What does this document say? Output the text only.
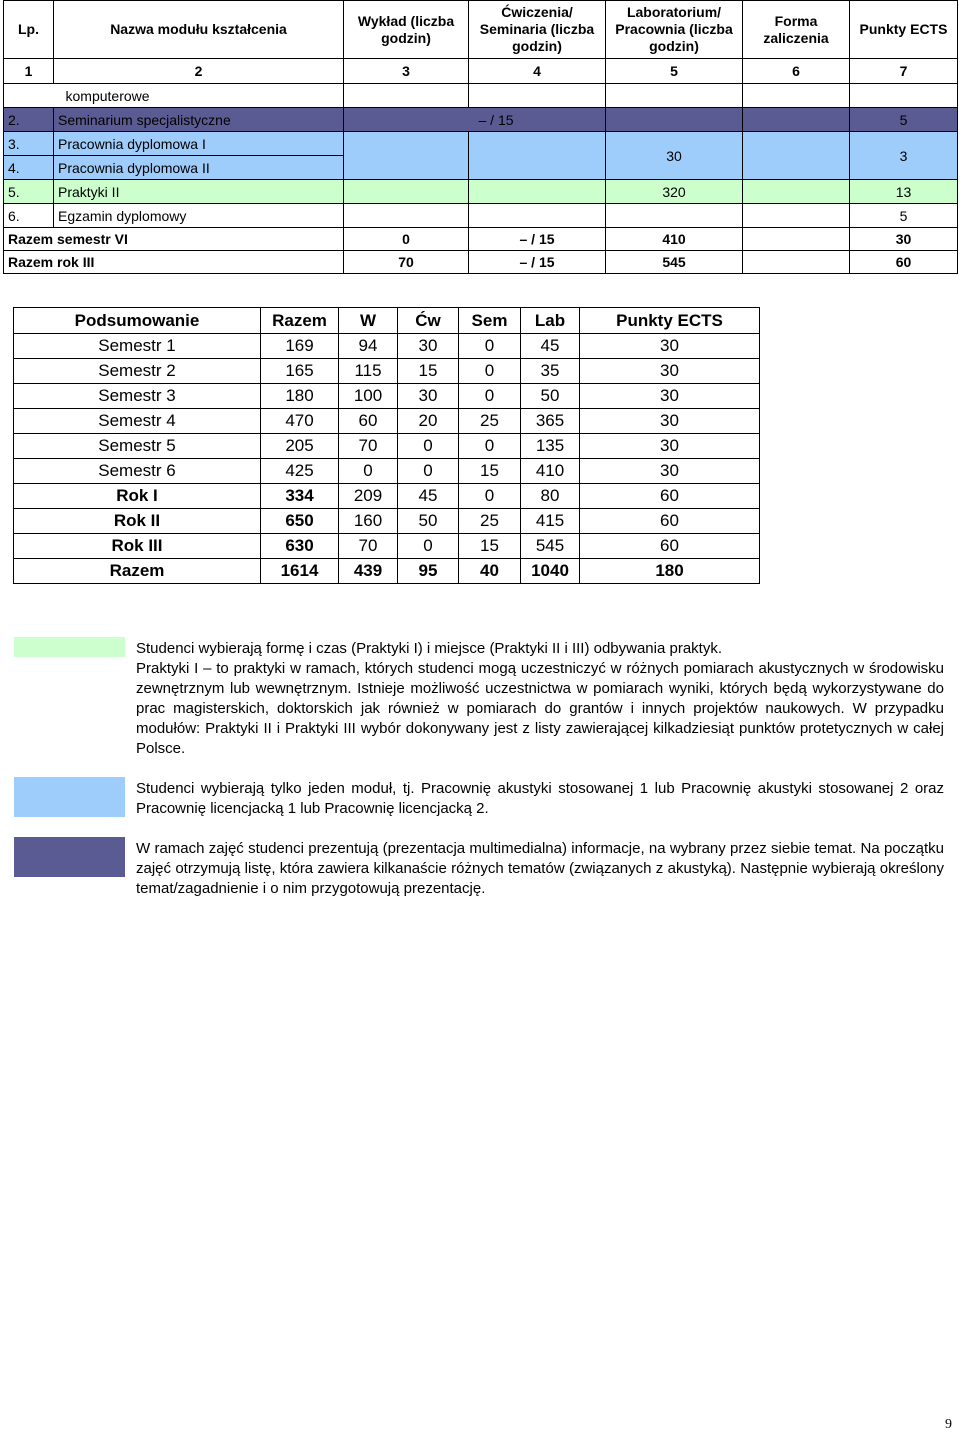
Lp.	Nazwa modułu kształcenia	Wykład (liczba godzin)	Ćwiczenia/ Seminaria (liczba godzin)	Laboratorium/ Pracownia (liczba godzin)	Forma zaliczenia	Punkty ECTS
1	2	3	4	5	6	7
	komputerowe					
2.	Seminarium specjalistyczne		– / 15			5
3.	Pracownia dyplomowa I			30		3
4.	Pracownia dyplomowa II					
5.	Praktyki II			320		13
6.	Egzamin dyplomowy					5
Razem semestr VI		0	– / 15	410		30
Razem rok III		70	– / 15	545		60
Podsumowanie	Razem	W	Ćw	Sem	Lab	Punkty ECTS
Semestr 1	169	94	30	0	45	30
Semestr 2	165	115	15	0	35	30
Semestr 3	180	100	30	0	50	30
Semestr 4	470	60	20	25	365	30
Semestr 5	205	70	0	0	135	30
Semestr 6	425	0	0	15	410	30
Rok I	334	209	45	0	80	60
Rok II	650	160	50	25	415	60
Rok III	630	70	0	15	545	60
Razem	1614	439	95	40	1040	180

Studenci wybierają formę i czas (Praktyki I) i miejsce (Praktyki II i III) odbywania praktyk.

Praktyki I – to praktyki w ramach, których studenci mogą uczestniczyć w różnych pomiarach akustycznych w środowisku zewnętrznym lub wewnętrznym. Istnieje możliwość uczestnictwa w pomiarach wyniki, których będą wykorzystywane do prac magisterskich, doktorskich jak również w pomiarach do grantów i innych projektów naukowych. W przypadku modułów: Praktyki II i Praktyki III wybór dokonywany jest z listy zawierającej kilkadziesiąt punktów protetycznych w całej Polsce.

Studenci wybierają tylko jeden moduł, tj. Pracownię akustyki stosowanej 1 lub Pracownię akustyki stosowanej 2 oraz Pracownię licencjacką 1 lub Pracownię licencjacką 2.

W ramach zajęć studenci prezentują (prezentacja multimedialna) informacje, na wybrany przez siebie temat. Na początku zajęć otrzymują listę, która zawiera kilkanaście różnych tematów (związanych z akustyką). Następnie wybierają określony temat/zagadnienie i o nim przygotowują prezentację.

9
